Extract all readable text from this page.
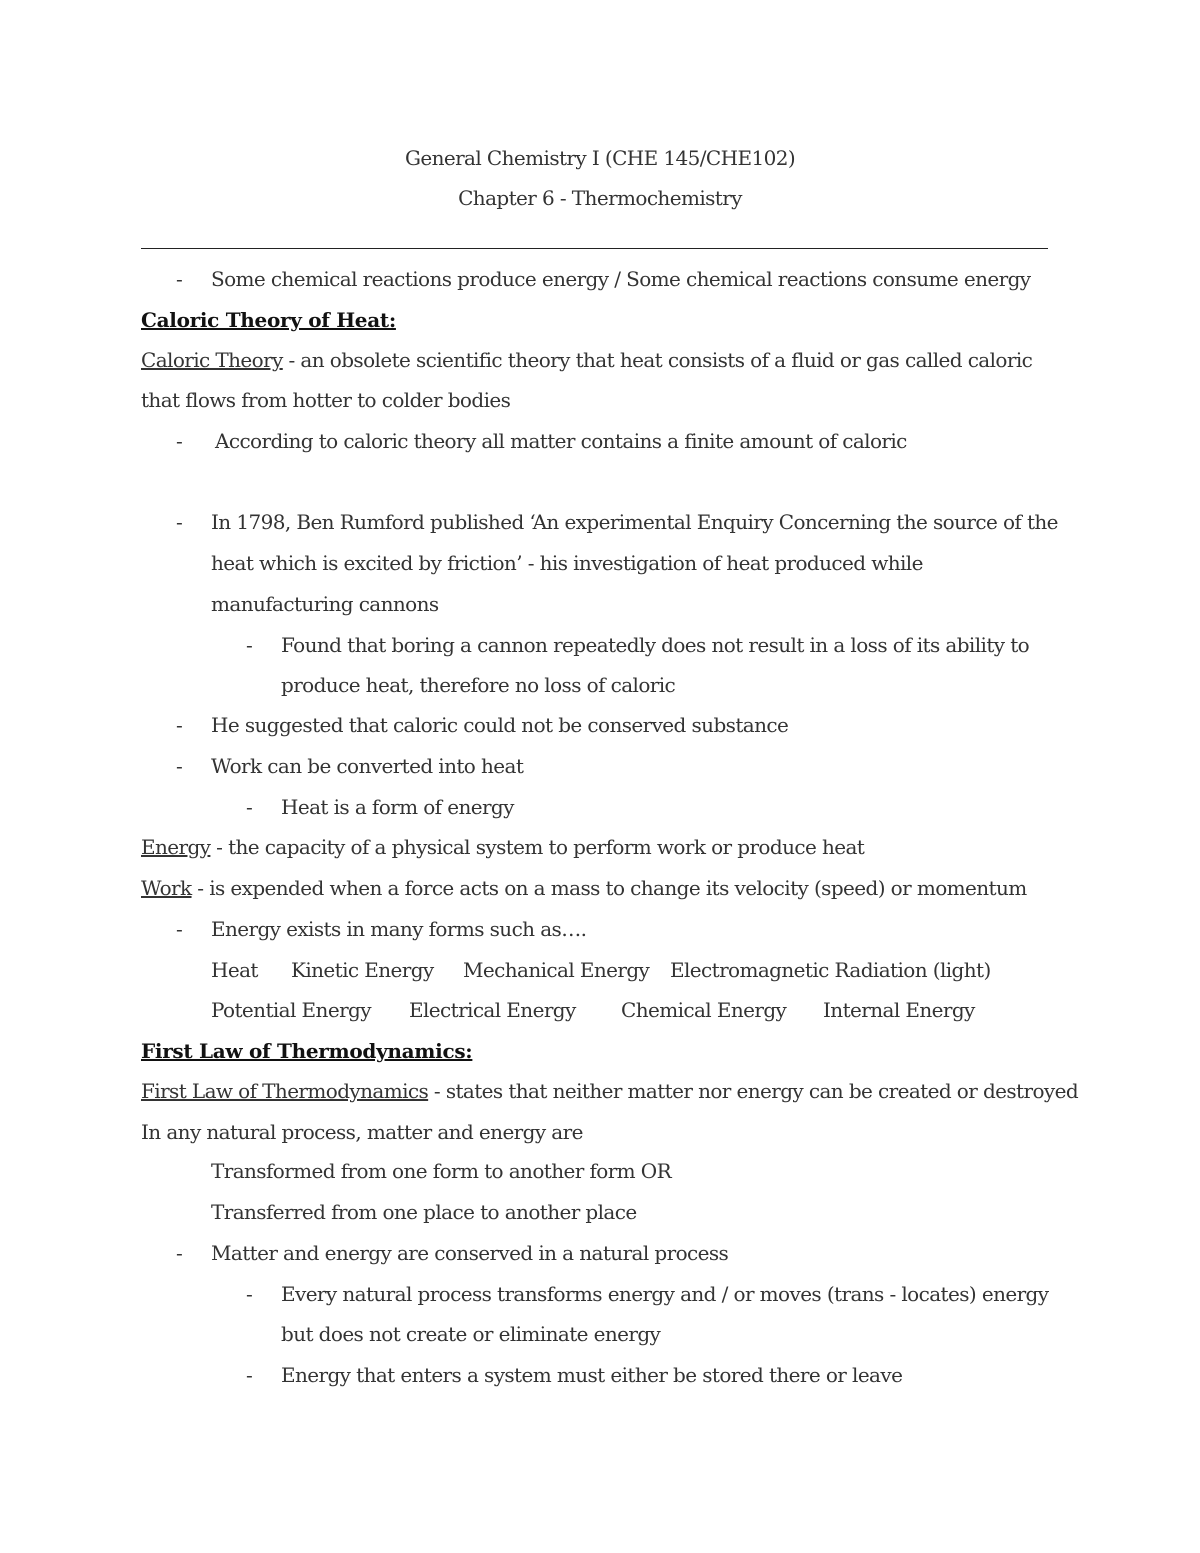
General Chemistry I (CHE 145/CHE102)
Chapter 6 - Thermochemistry
- Some chemical reactions produce energy / Some chemical reactions consume energy
Caloric Theory of Heat:
Caloric Theory - an obsolete scientific theory that heat consists of a fluid or gas called caloric
that flows from hotter to colder bodies
- According to caloric theory all matter contains a finite amount of caloric
- In 1798, Ben Rumford published ‘An experimental Enquiry Concerning the source of the
heat which is excited by friction’ - his investigation of heat produced while
manufacturing cannons
- Found that boring a cannon repeatedly does not result in a loss of its ability to
produce heat, therefore no loss of caloric
- He suggested that caloric could not be conserved substance
- Work can be converted into heat
- Heat is a form of energy
Energy - the capacity of a physical system to perform work or produce heat
Work - is expended when a force acts on a mass to change its velocity (speed) or momentum
- Energy exists in many forms such as….
Heat Kinetic Energy Mechanical Energy Electromagnetic Radiation (light)
Potential Energy Electrical Energy Chemical Energy Internal Energy
First Law of Thermodynamics:
First Law of Thermodynamics - states that neither matter nor energy can be created or destroyed
In any natural process, matter and energy are
Transformed from one form to another form OR
Transferred from one place to another place
- Matter and energy are conserved in a natural process
- Every natural process transforms energy and / or moves (trans - locates) energy
but does not create or eliminate energy
- Energy that enters a system must either be stored there or leave
